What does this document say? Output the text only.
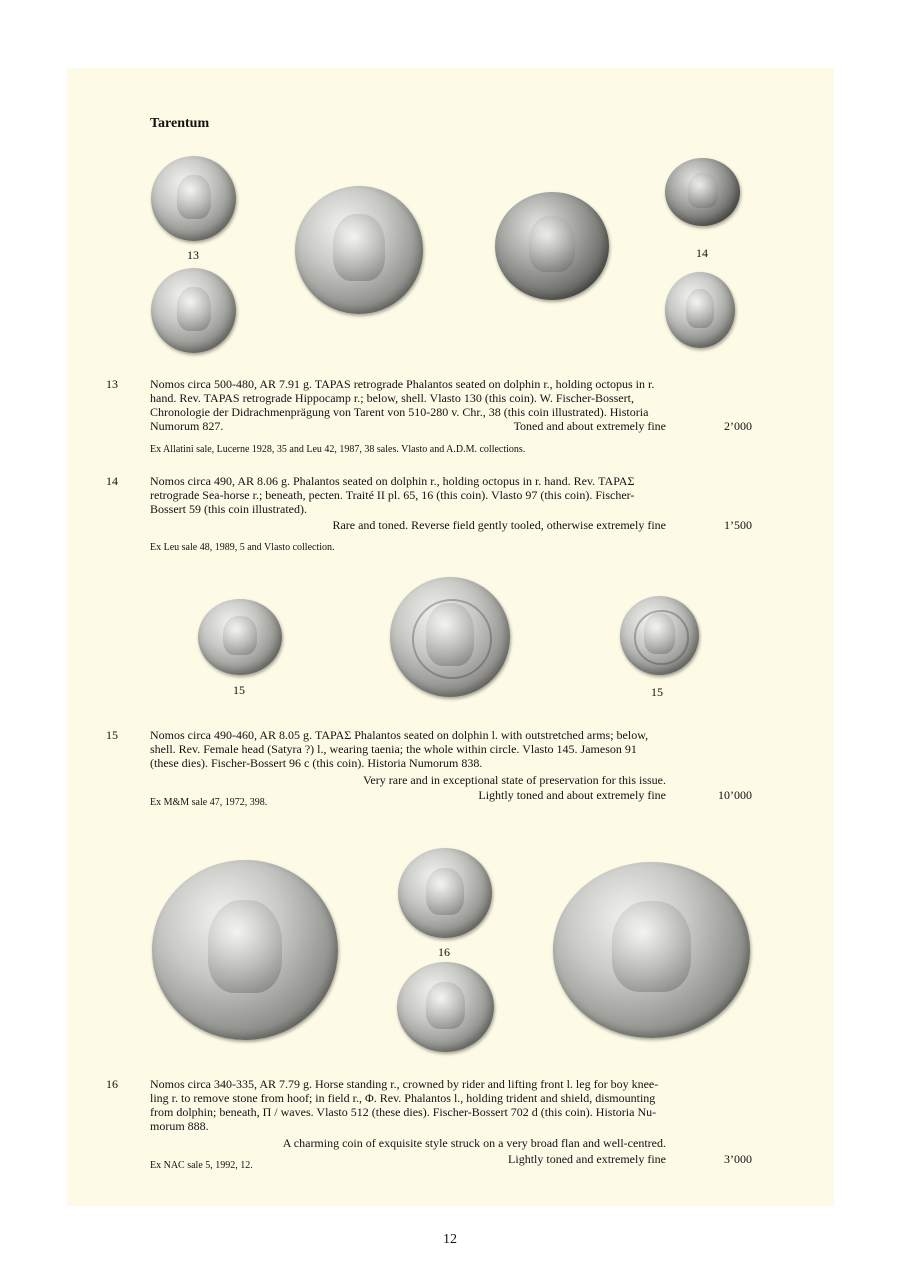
Tarentum
13	14
13	Nomos circa 500-480, AR 7.91 g. TAPAS retrograde Phalantos seated on dolphin r., holding octopus in r.
hand. Rev. TAPAS retrograde Hippocamp r.; below, shell. Vlasto 130 (this coin). W. Fischer-Bossert,
Chronologie der Didrachmenprägung von Tarent von 510-280 v. Chr., 38 (this coin illustrated). Historia
Numorum 827.	Toned and about extremely fine	2’000
Ex Allatini sale, Lucerne 1928, 35 and Leu 42, 1987, 38 sales. Vlasto and A.D.M. collections.
14	Nomos circa 490, AR 8.06 g. Phalantos seated on dolphin r., holding octopus in r. hand. Rev. ΤΑΡΑΣ
retrograde Sea-horse r.; beneath, pecten. Traité II pl. 65, 16 (this coin). Vlasto 97 (this coin). Fischer-
Bossert 59 (this coin illustrated).
Rare and toned. Reverse field gently tooled, otherwise extremely fine	1’500
Ex Leu sale 48, 1989, 5 and Vlasto collection.
15	15
15	Nomos circa 490-460, AR 8.05 g. ΤΑΡΑΣ Phalantos seated on dolphin l. with outstretched arms; below,
shell. Rev. Female head (Satyra ?) l., wearing taenia; the whole within circle. Vlasto 145. Jameson 91
(these dies). Fischer-Bossert 96 c (this coin). Historia Numorum 838.
Very rare and in exceptional state of preservation for this issue.
Lightly toned and about extremely fine	10’000
Ex M&M sale 47, 1972, 398.
16
16	Nomos circa 340-335, AR 7.79 g. Horse standing r., crowned by rider and lifting front l. leg for boy knee-
ling r. to remove stone from hoof; in field r., Φ. Rev. Phalantos l., holding trident and shield, dismounting
from dolphin; beneath, Π / waves. Vlasto 512 (these dies). Fischer-Bossert 702 d (this coin). Historia Nu-
morum 888.
A charming coin of exquisite style struck on a very broad flan and well-centred.
Lightly toned and extremely fine	3’000
Ex NAC sale 5, 1992, 12.
12
